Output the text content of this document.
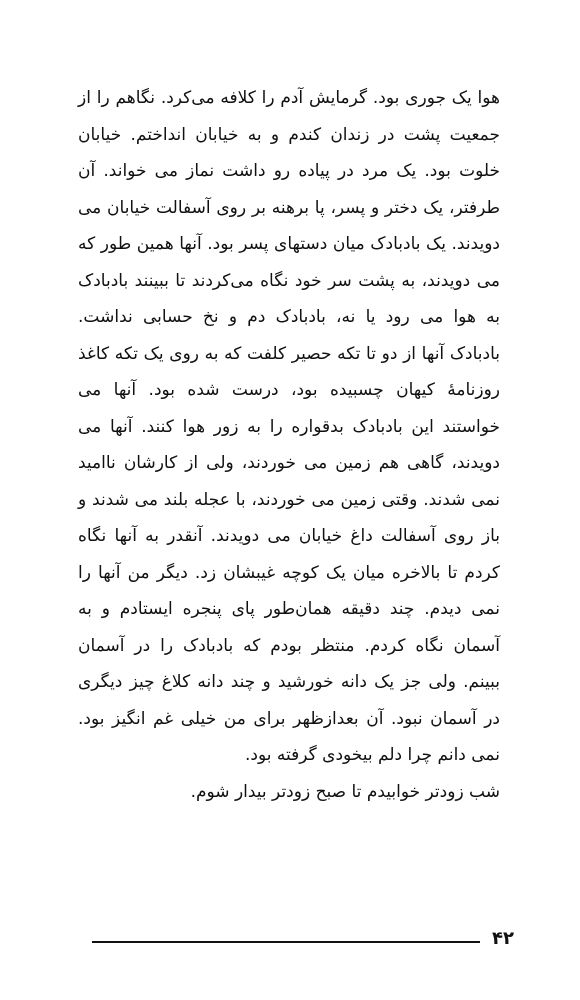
هوا یک جوری بود. گرمایش آدم را کلافه می‌کرد. نگاهم را از جمعیت پشت در زندان کندم و به خیابان انداختم. خیابان خلوت بود. یک مرد در پیاده رو داشت نماز می خواند. آن طرفتر، یک دختر و پسر، پا برهنه بر روی آسفالت خیابان می دویدند. یک بادبادک میان دستهای پسر بود. آنها همین طور که می دویدند، به پشت سر خود نگاه می‌کردند تا ببینند بادبادک به هوا می رود یا نه، بادبادک دم و نخ حسابی نداشت. بادبادک آنها از دو تا تکه حصیر کلفت که به روی یک تکه کاغذ روزنامهٔ کیهان چسبیده بود، درست شده بود. آنها می خواستند این بادبادک بدقواره را به زور هوا کنند. آنها می دویدند، گاهی هم زمین می خوردند، ولی از کارشان ناامید نمی شدند. وقتی زمین می خوردند، با عجله بلند می شدند و باز روی آسفالت داغ خیابان می دویدند. آنقدر به آنها نگاه کردم تا بالاخره میان یک کوچه غیبشان زد. دیگر من آنها را نمی دیدم. چند دقیقه همان‌طور پای پنجره ایستادم و به آسمان نگاه کردم. منتظر بودم که بادبادک را در آسمان ببینم. ولی جز یک دانه خورشید و چند دانه کلاغ چیز دیگری در آسمان نبود. آن بعدازظهر برای من خیلی غم انگیز بود. نمی دانم چرا دلم بیخودی گرفته بود.

شب زودتر خوابیدم تا صبح زودتر بیدار شوم.

۴۲
